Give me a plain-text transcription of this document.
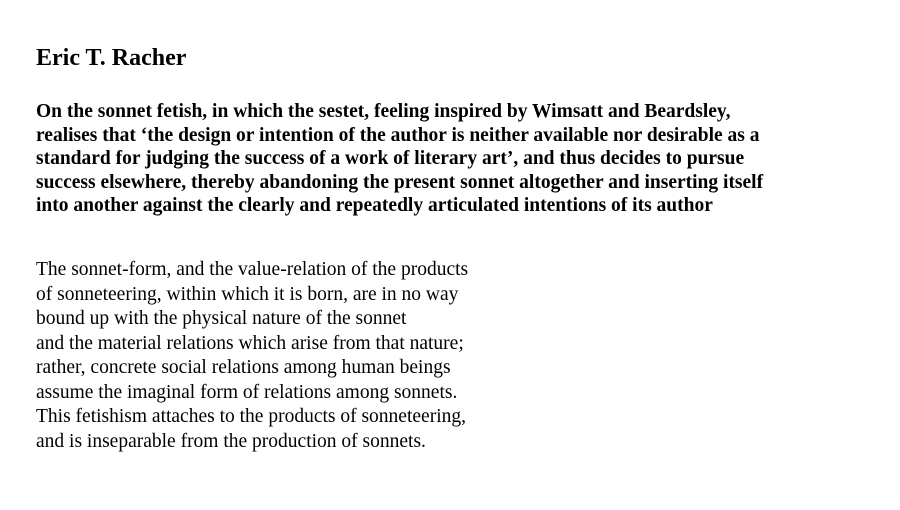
Eric T. Racher
On the sonnet fetish, in which the sestet, feeling inspired by Wimsatt and Beardsley,
realises that ‘the design or intention of the author is neither available nor desirable as a
standard for judging the success of a work of literary art’, and thus decides to pursue
success elsewhere, thereby abandoning the present sonnet altogether and inserting itself
into another against the clearly and repeatedly articulated intentions of its author
The sonnet-form, and the value-relation of the products
of sonneteering, within which it is born, are in no way
bound up with the physical nature of the sonnet
and the material relations which arise from that nature;
rather, concrete social relations among human beings
assume the imaginal form of relations among sonnets.
This fetishism attaches to the products of sonneteering,
and is inseparable from the production of sonnets.
